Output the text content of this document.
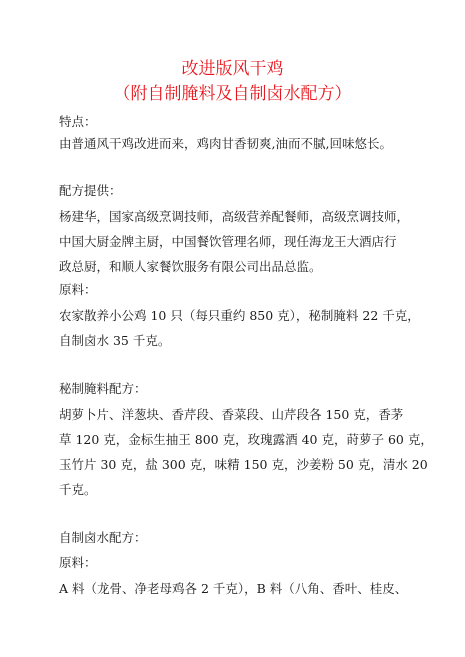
改进版风干鸡
（附自制腌料及自制卤水配方）
特点：
由普通风干鸡改进而来，鸡肉甘香韧爽,油而不腻,回味悠长。
配方提供：
杨建华，国家高级烹调技师，高级营养配餐师，高级烹调技师，
中国大厨金牌主厨，中国餐饮管理名师，现任海龙王大酒店行
政总厨，和顺人家餐饮服务有限公司出品总监。
原料：
农家散养小公鸡 10 只（每只重约 850 克），秘制腌料 22 千克，
自制卤水 35 千克。
秘制腌料配方：
胡萝卜片、洋葱块、香芹段、香菜段、山芹段各 150 克，香茅
草 120 克，金标生抽王 800 克，玫瑰露酒 40 克，莳萝子 60 克，
玉竹片 30 克，盐 300 克，味精 150 克，沙姜粉 50 克，清水 20
千克。
自制卤水配方：
原料：
A 料（龙骨、净老母鸡各 2 千克），B 料（八角、香叶、桂皮、
